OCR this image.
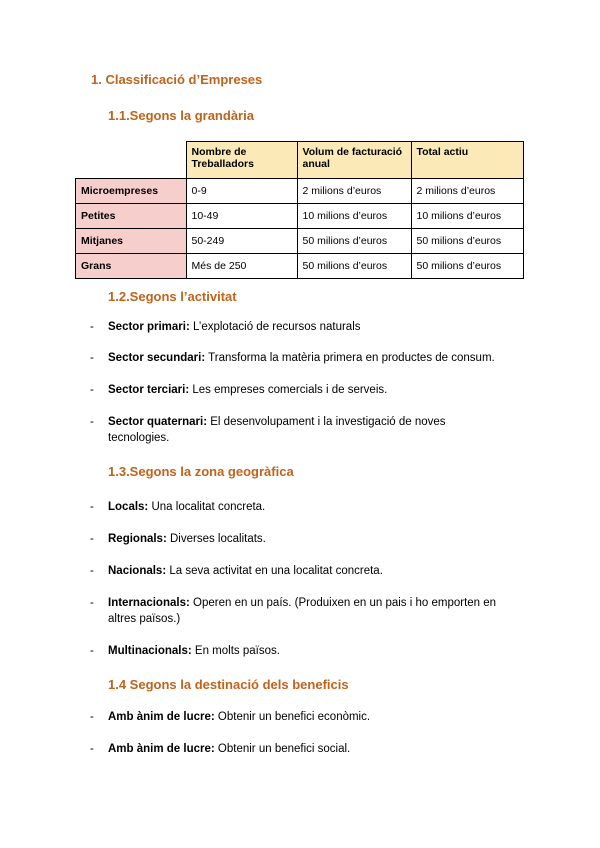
1. Classificació d’Empreses
1.1.Segons la grandària
	Nombre de Treballadors	Volum de facturació anual	Total actiu
Microempreses	0-9	2 milions d’euros	2 milions d’euros
Petites	10-49	10 milions d’euros	10 milions d’euros
Mitjanes	50-249	50 milions d’euros	50 milions d’euros
Grans	Més de 250	50 milions d’euros	50 milions d’euros
1.2.Segons l’activitat
- Sector primari: L’explotació de recursos naturals
- Sector secundari: Transforma la matèria primera en productes de consum.
- Sector terciari: Les empreses comercials i de serveis.
- Sector quaternari: El desenvolupament i la investigació de noves tecnologies.
1.3.Segons la zona geogràfica
- Locals: Una localitat concreta.
- Regionals: Diverses localitats.
- Nacionals: La seva activitat en una localitat concreta.
- Internacionals: Operen en un país. (Produixen en un pais i ho emporten en altres països.)
- Multinacionals: En molts països.
1.4 Segons la destinació dels beneficis
- Amb ànim de lucre: Obtenir un benefici econòmic.
- Amb ànim de lucre: Obtenir un benefici social.
